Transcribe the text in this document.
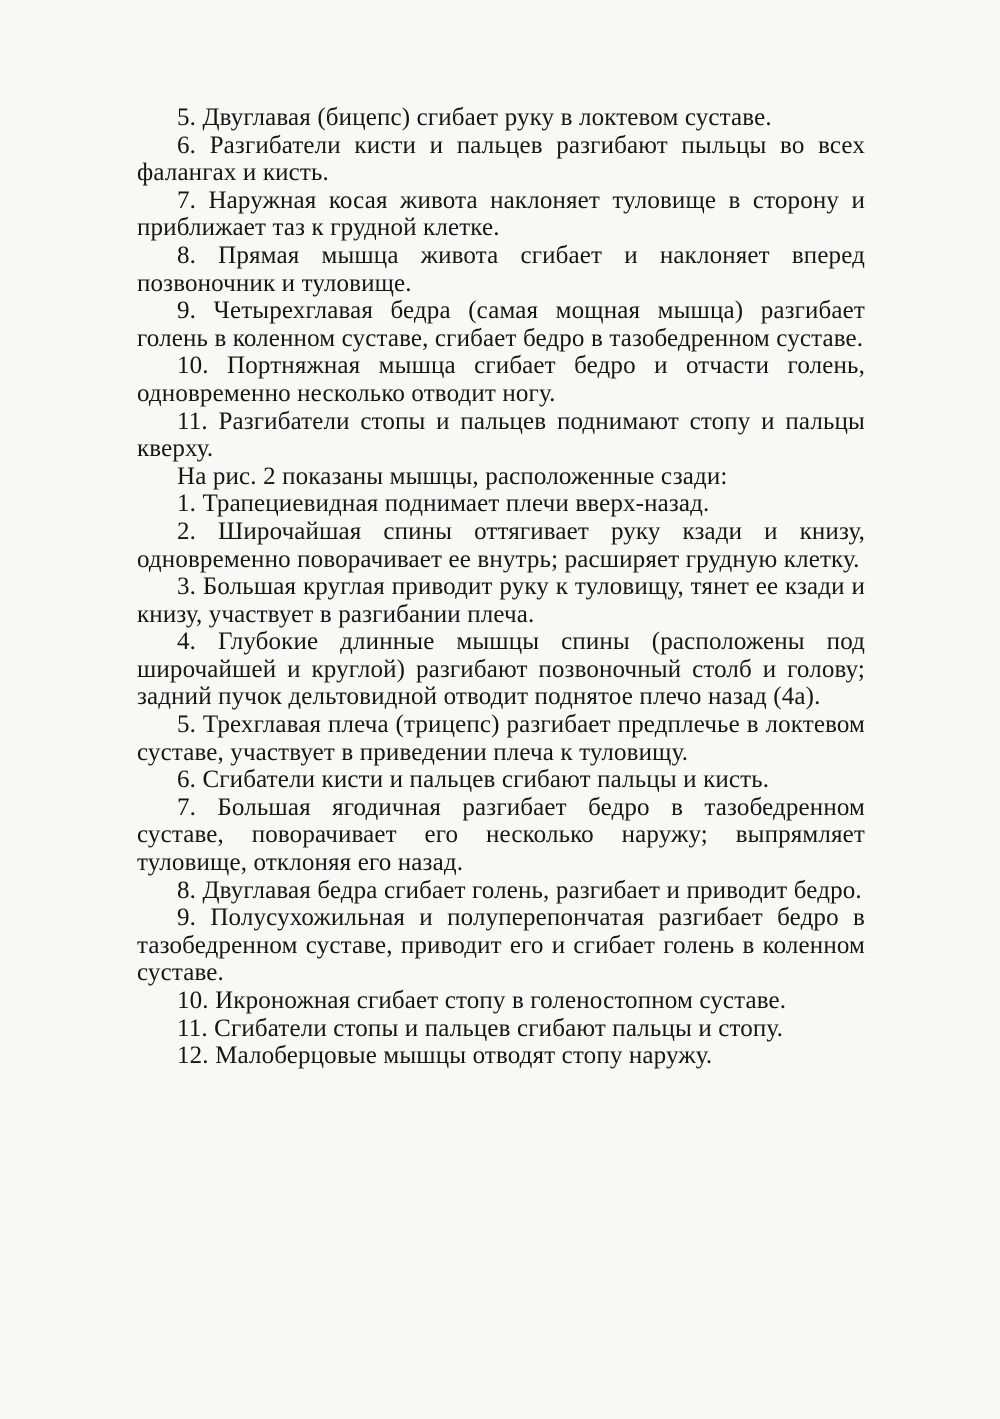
5. Двуглавая (бицепс) сгибает руку в локтевом суставе.

6. Разгибатели кисти и пальцев разгибают пыльцы во всех фалангах и кисть.

7. Наружная косая живота наклоняет туловище в сторону и приближает таз к грудной клетке.

8. Прямая мышца живота сгибает и наклоняет вперед позвоночник и туловище.

9. Четырехглавая бедра (самая мощная мышца) разгибает голень в коленном суставе, сгибает бедро в тазобедренном суставе.

10. Портняжная мышца сгибает бедро и отчасти голень, одновременно несколько отводит ногу.

11. Разгибатели стопы и пальцев поднимают стопу и пальцы кверху.

На рис. 2 показаны мышцы, расположенные сзади:

1. Трапециевидная поднимает плечи вверх-назад.

2. Широчайшая спины оттягивает руку кзади и книзу, одновременно поворачивает ее внутрь; расширяет грудную клетку.

3. Большая круглая приводит руку к туловищу, тянет ее кзади и книзу, участвует в разгибании плеча.

4. Глубокие длинные мышцы спины (расположены под широчайшей и круглой) разгибают позвоночный столб и голову; задний пучок дельтовидной отводит поднятое плечо назад (4а).

5. Трехглавая плеча (трицепс) разгибает предплечье в локтевом суставе, участвует в приведении плеча к туловищу.

6. Сгибатели кисти и пальцев сгибают пальцы и кисть.

7. Большая ягодичная разгибает бедро в тазобедренном суставе, поворачивает его несколько наружу; выпрямляет туловище, отклоняя его назад.

8. Двуглавая бедра сгибает голень, разгибает и приводит бедро.

9. Полусухожильная и полуперепончатая разгибает бедро в тазобедренном суставе, приводит его и сгибает голень в коленном суставе.

10. Икроножная сгибает стопу в голеностопном суставе.

11. Сгибатели стопы и пальцев сгибают пальцы и стопу.

12. Малоберцовые мышцы отводят стопу наружу.
